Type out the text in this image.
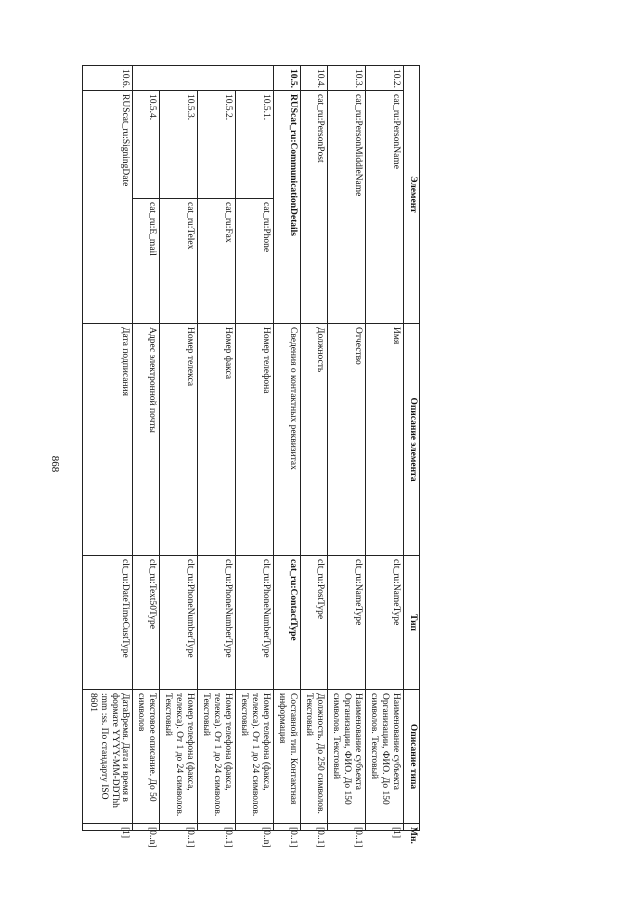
868
Элемент			Описание элемента	Тип	Описание типа	Мн.
10.2.	cat_ru:PersonName		Имя	clt_ru:NameType	Наименование субъекта Организации, ФИО. До 150 символов. Текстовый	[1]
10.3.	cat_ru:PersonMiddleName		Отчество	clt_ru:NameType	Наименование субъекта Организации, ФИО. До 150 символов. Текстовый	[0..1]
10.4.	cat_ru:PersonPost		Должность	clt_ru:PostType	Должность. До 250 символов. Текстовый	[0..1]
10.5.	RUScat_ru:CommunicationDetails		Сведения о контактных реквизитах	cat_ru:ContactType	Составной тип. Контактная информация	[0..1]
	10.5.1.	cat_ru:Phone	Номер телефона	clt_ru:PhoneNumberType	Номер телефона (факса, телекса). От 1 до 24 символов. Текстовый	[0..n]
	10.5.2.	cat_ru:Fax	Номер факса	clt_ru:PhoneNumberType	Номер телефона (факса, телекса). От 1 до 24 символов. Текстовый	[0..1]
	10.5.3.	cat_ru:Telex	Номер телекса	clt_ru:PhoneNumberType	Номер телефона (факса, телекса). От 1 до 24 символов. Текстовый	[0..1]
	10.5.4.	cat_ru:E_mail	Адрес электронной почты	clt_ru:Text50Type	Текстовое описание. До 50 символов	[0..n]
10.6.	RUScat_ru:SigningDate		Дата подписания	clt_ru:DateTimeCustType	ДатаВремя. Дата и время в формате YYYY-MM-DDThh :mm :ss. По стандарту ISO 8601	[1]
